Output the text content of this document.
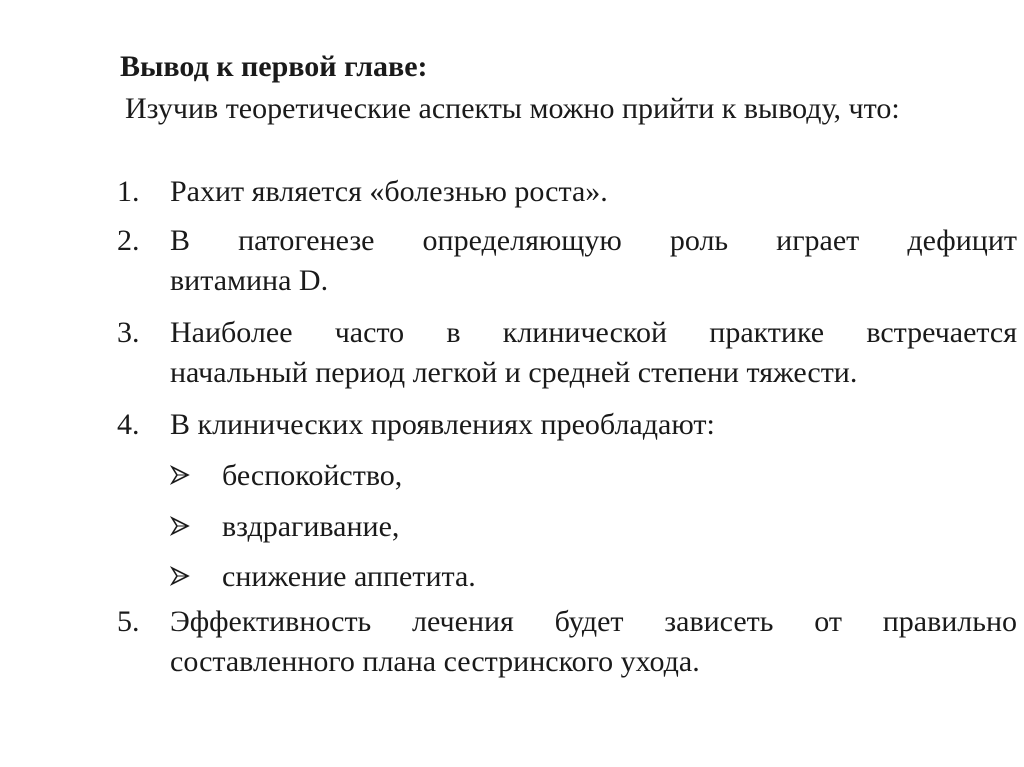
Вывод к первой главе:
Изучив теоретические аспекты можно прийти к выводу, что:
1. Рахит является «болезнью роста».
2. В патогенезе определяющую роль играет дефицит
витамина D.
3. Наиболее часто в клинической практике встречается
начальный период легкой и средней степени тяжести.
4. В клинических проявлениях преобладают:
беспокойство,
вздрагивание,
снижение аппетита.
5. Эффективность лечения будет зависеть от правильно
составленного плана сестринского ухода.
